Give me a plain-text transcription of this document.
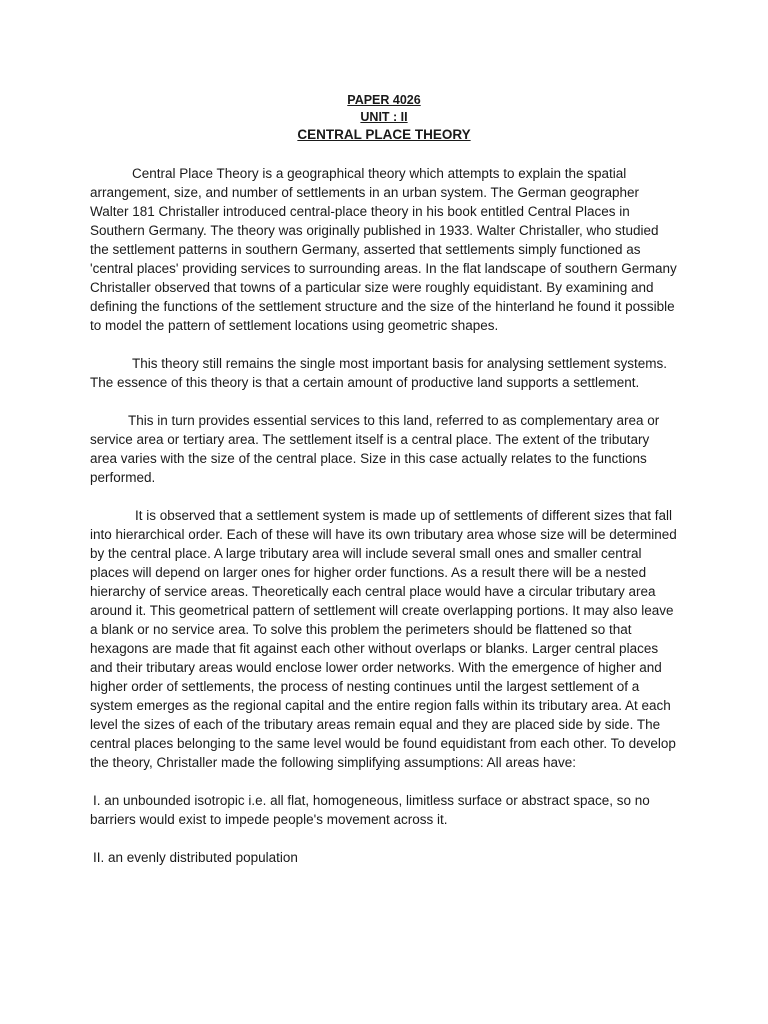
PAPER 4026
UNIT : II
CENTRAL PLACE THEORY

Central Place Theory is a geographical theory which attempts to explain the spatial arrangement, size, and number of settlements in an urban system. The German geographer Walter 181 Christaller introduced central-place theory in his book entitled Central Places in Southern Germany. The theory was originally published in 1933. Walter Christaller, who studied the settlement patterns in southern Germany, asserted that settlements simply functioned as 'central places' providing services to surrounding areas. In the flat landscape of southern Germany Christaller observed that towns of a particular size were roughly equidistant. By examining and defining the functions of the settlement structure and the size of the hinterland he found it possible to model the pattern of settlement locations using geometric shapes.

This theory still remains the single most important basis for analysing settlement systems. The essence of this theory is that a certain amount of productive land supports a settlement.

This in turn provides essential services to this land, referred to as complementary area or service area or tertiary area. The settlement itself is a central place. The extent of the tributary area varies with the size of the central place. Size in this case actually relates to the functions performed.

It is observed that a settlement system is made up of settlements of different sizes that fall into hierarchical order. Each of these will have its own tributary area whose size will be determined by the central place. A large tributary area will include several small ones and smaller central places will depend on larger ones for higher order functions. As a result there will be a nested hierarchy of service areas. Theoretically each central place would have a circular tributary area around it. This geometrical pattern of settlement will create overlapping portions. It may also leave a blank or no service area. To solve this problem the perimeters should be flattened so that hexagons are made that fit against each other without overlaps or blanks. Larger central places and their tributary areas would enclose lower order networks. With the emergence of higher and higher order of settlements, the process of nesting continues until the largest settlement of a system emerges as the regional capital and the entire region falls within its tributary area. At each level the sizes of each of the tributary areas remain equal and they are placed side by side. The central places belonging to the same level would be found equidistant from each other. To develop the theory, Christaller made the following simplifying assumptions: All areas have:

I. an unbounded isotropic i.e. all flat, homogeneous, limitless surface or abstract space, so no barriers would exist to impede people's movement across it.

II. an evenly distributed population
